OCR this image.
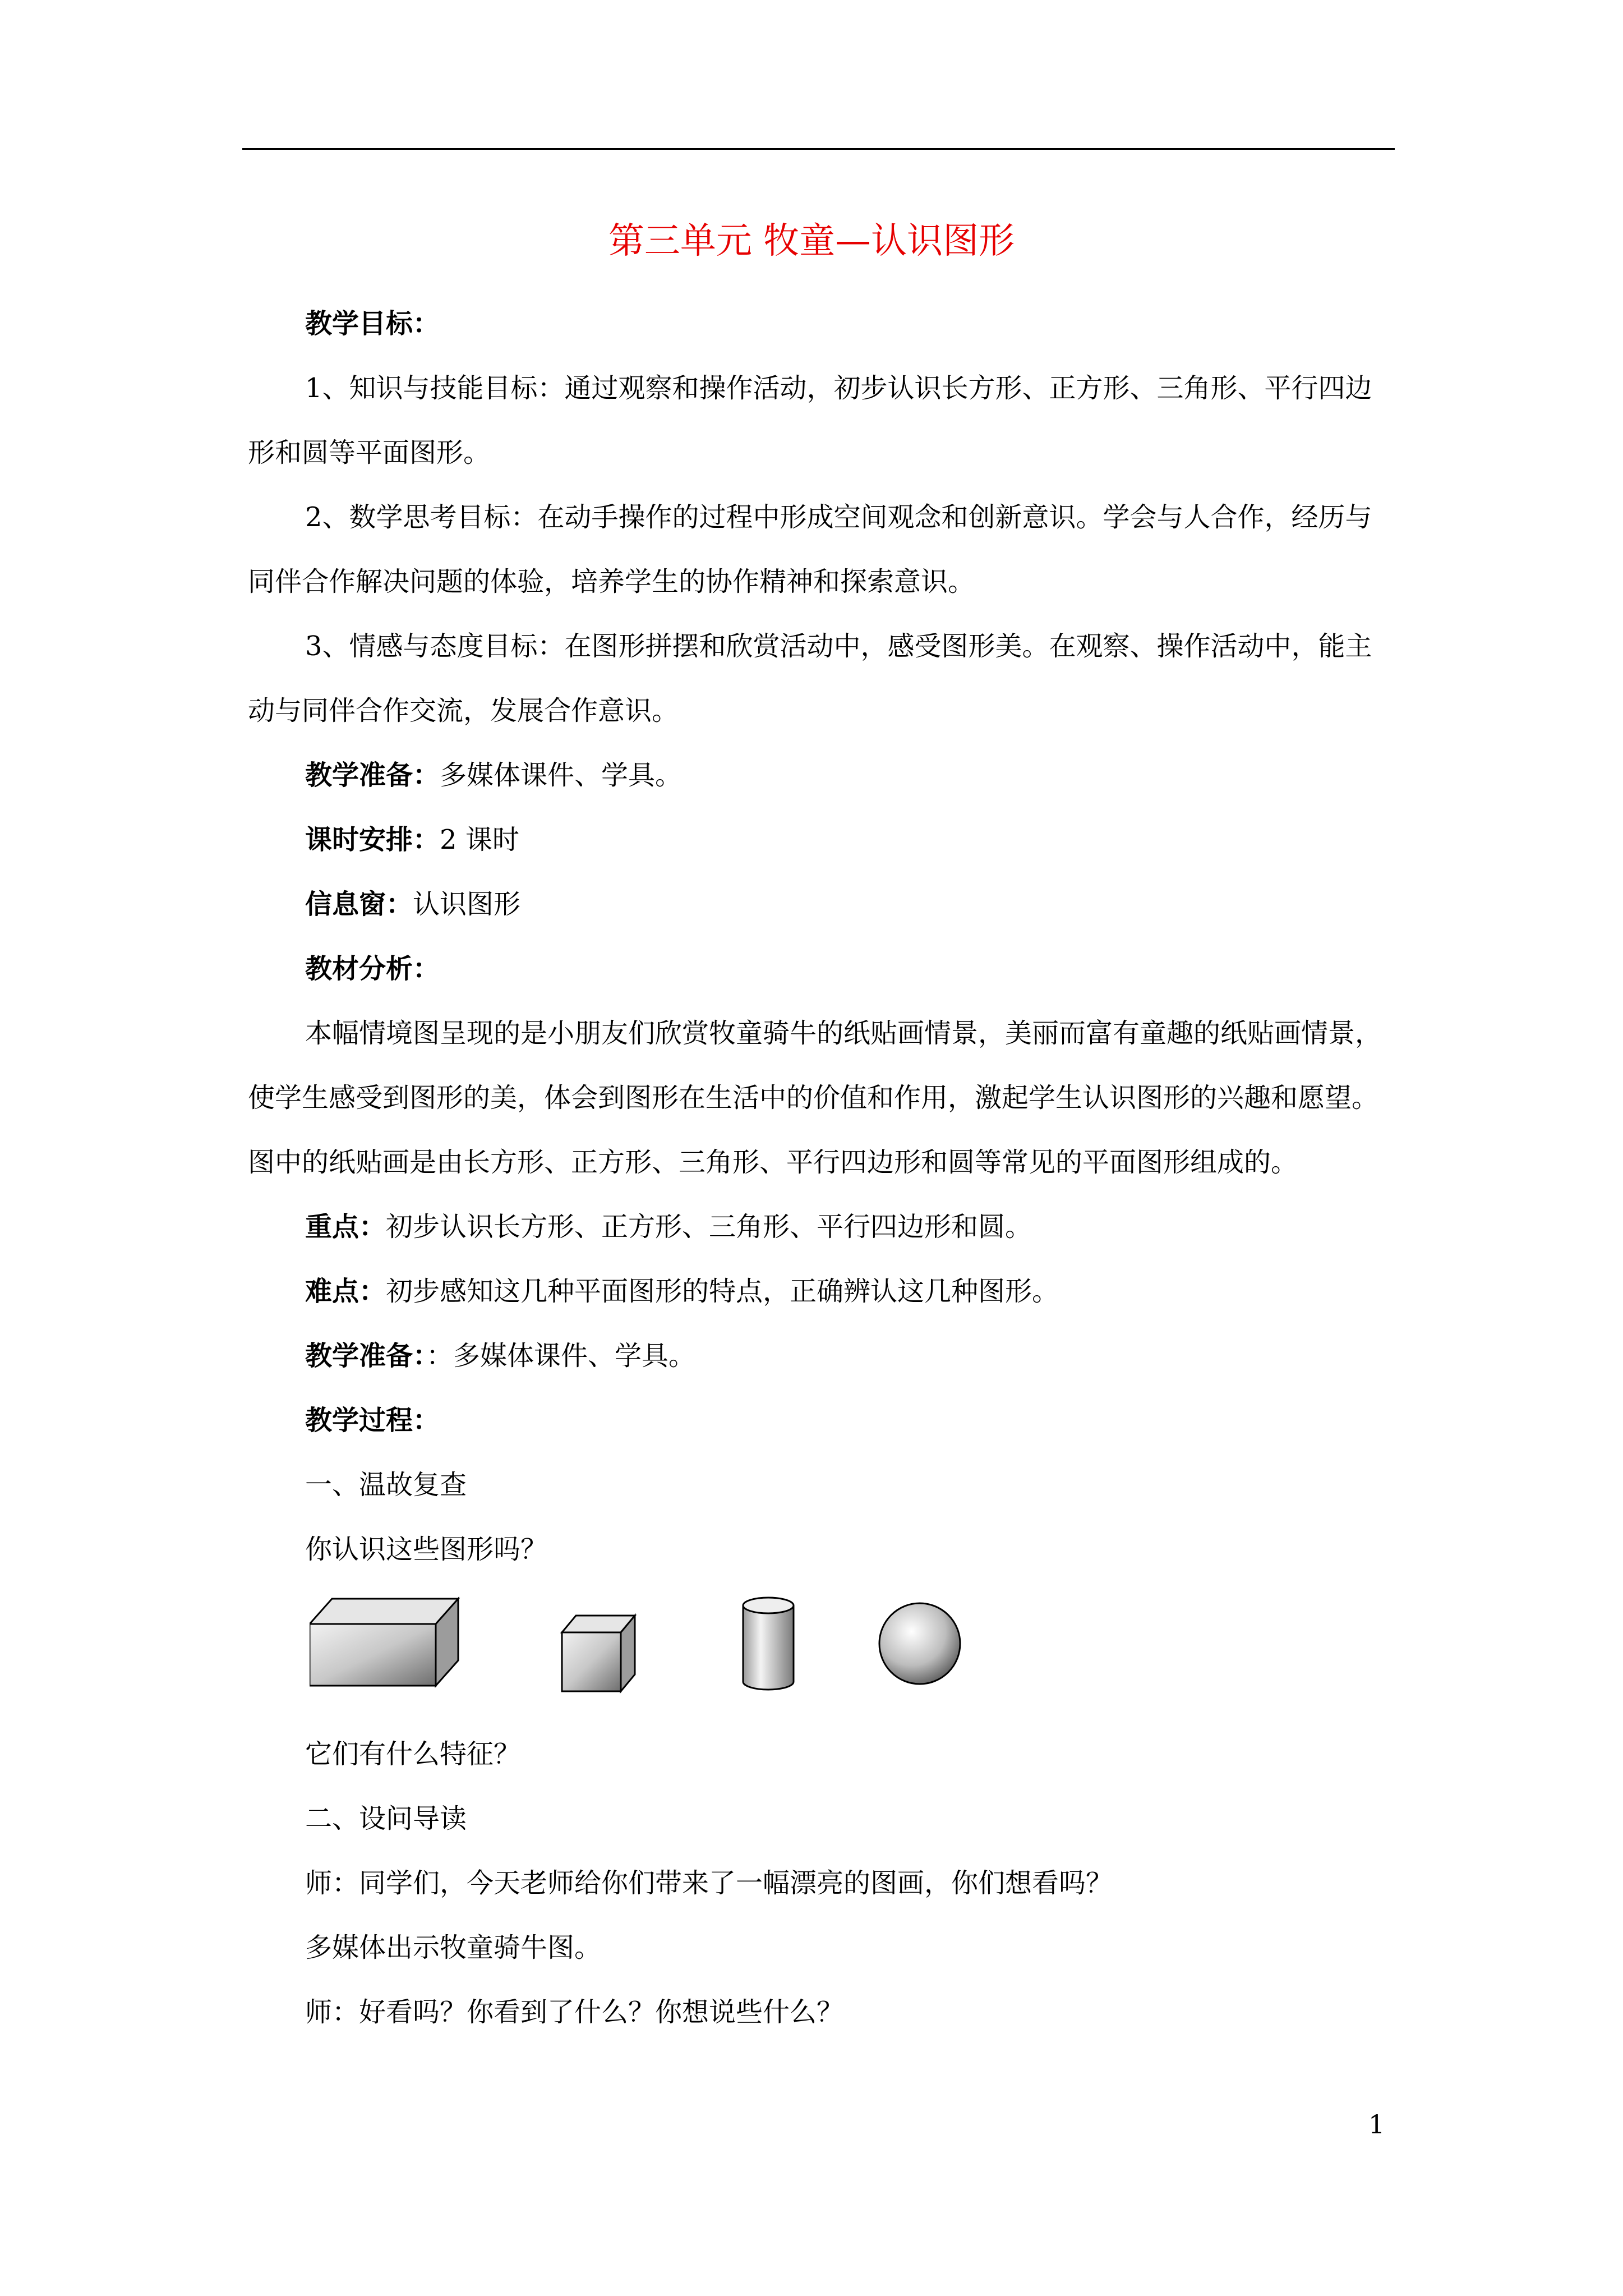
第三单元 牧童—认识图形

教学目标：

1、知识与技能目标：通过观察和操作活动，初步认识长方形、正方形、三角形、平行四边形和圆等平面图形。

2、数学思考目标：在动手操作的过程中形成空间观念和创新意识。学会与人合作，经历与同伴合作解决问题的体验，培养学生的协作精神和探索意识。

3、情感与态度目标：在图形拼摆和欣赏活动中，感受图形美。在观察、操作活动中，能主动与同伴合作交流，发展合作意识。

教学准备：多媒体课件、学具。

课时安排：2 课时

信息窗：认识图形

教材分析：

本幅情境图呈现的是小朋友们欣赏牧童骑牛的纸贴画情景，美丽而富有童趣的纸贴画情景，使学生感受到图形的美，体会到图形在生活中的价值和作用，激起学生认识图形的兴趣和愿望。图中的纸贴画是由长方形、正方形、三角形、平行四边形和圆等常见的平面图形组成的。

重点：初步认识长方形、正方形、三角形、平行四边形和圆。

难点：初步感知这几种平面图形的特点，正确辨认这几种图形。

教学准备：：多媒体课件、学具。

教学过程：

一、温故复查

你认识这些图形吗？

它们有什么特征？

二、设问导读

师：同学们，今天老师给你们带来了一幅漂亮的图画，你们想看吗？

多媒体出示牧童骑牛图。

师：好看吗？你看到了什么？你想说些什么？

1
